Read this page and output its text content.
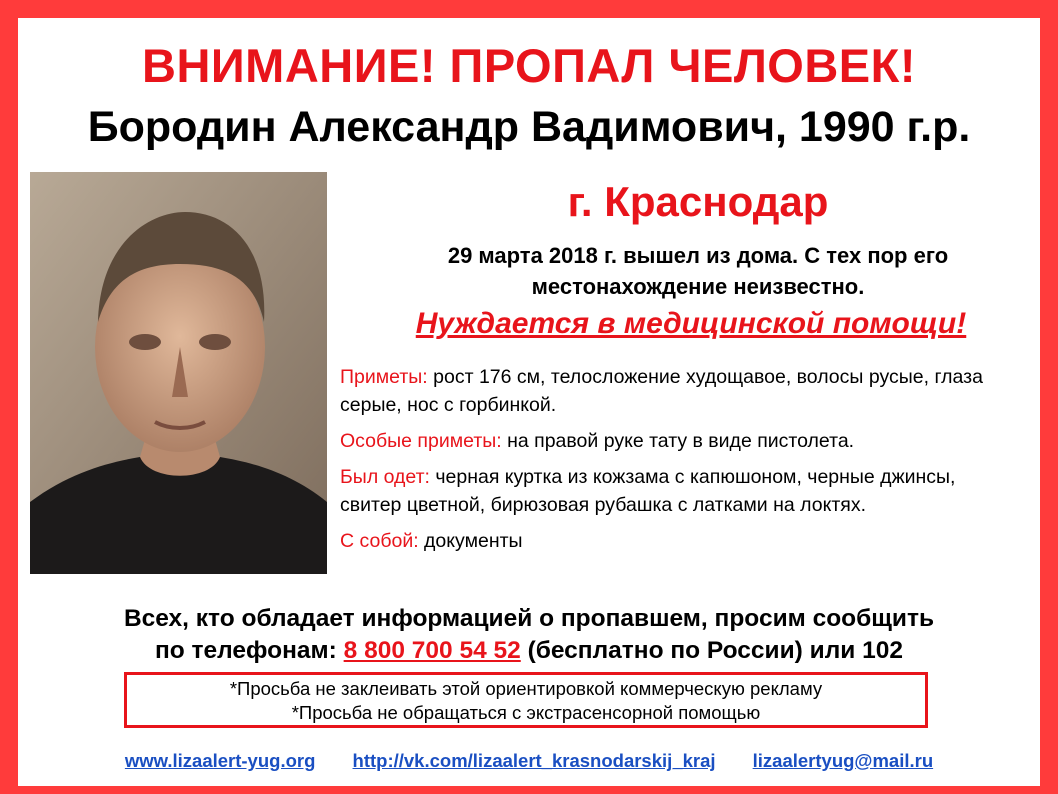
ВНИМАНИЕ! ПРОПАЛ ЧЕЛОВЕК!
Бородин Александр Вадимович, 1990 г.р.
г. Краснодар
29 марта 2018 г. вышел из дома. С тех пор его
местонахождение неизвестно.
Нуждается в медицинской помощи!

Приметы: рост 176 см, телосложение худощавое, волосы русые, глаза серые, нос с горбинкой.

Особые приметы: на правой руке тату в виде пистолета.

Был одет: черная куртка из кожзама с капюшоном, черные джинсы, свитер цветной, бирюзовая рубашка с латками на локтях.

С собой: документы

Всех, кто обладает информацией о пропавшем, просим сообщить
по телефонам: 8 800 700 54 52 (бесплатно по России) или 102
*Просьба не заклеивать этой ориентировкой коммерческую рекламу
*Просьба не обращаться с экстрасенсорной помощью
www.lizaalert-yug.org http://vk.com/lizaalert_krasnodarskij_kraj lizaalertyug@mail.ru
